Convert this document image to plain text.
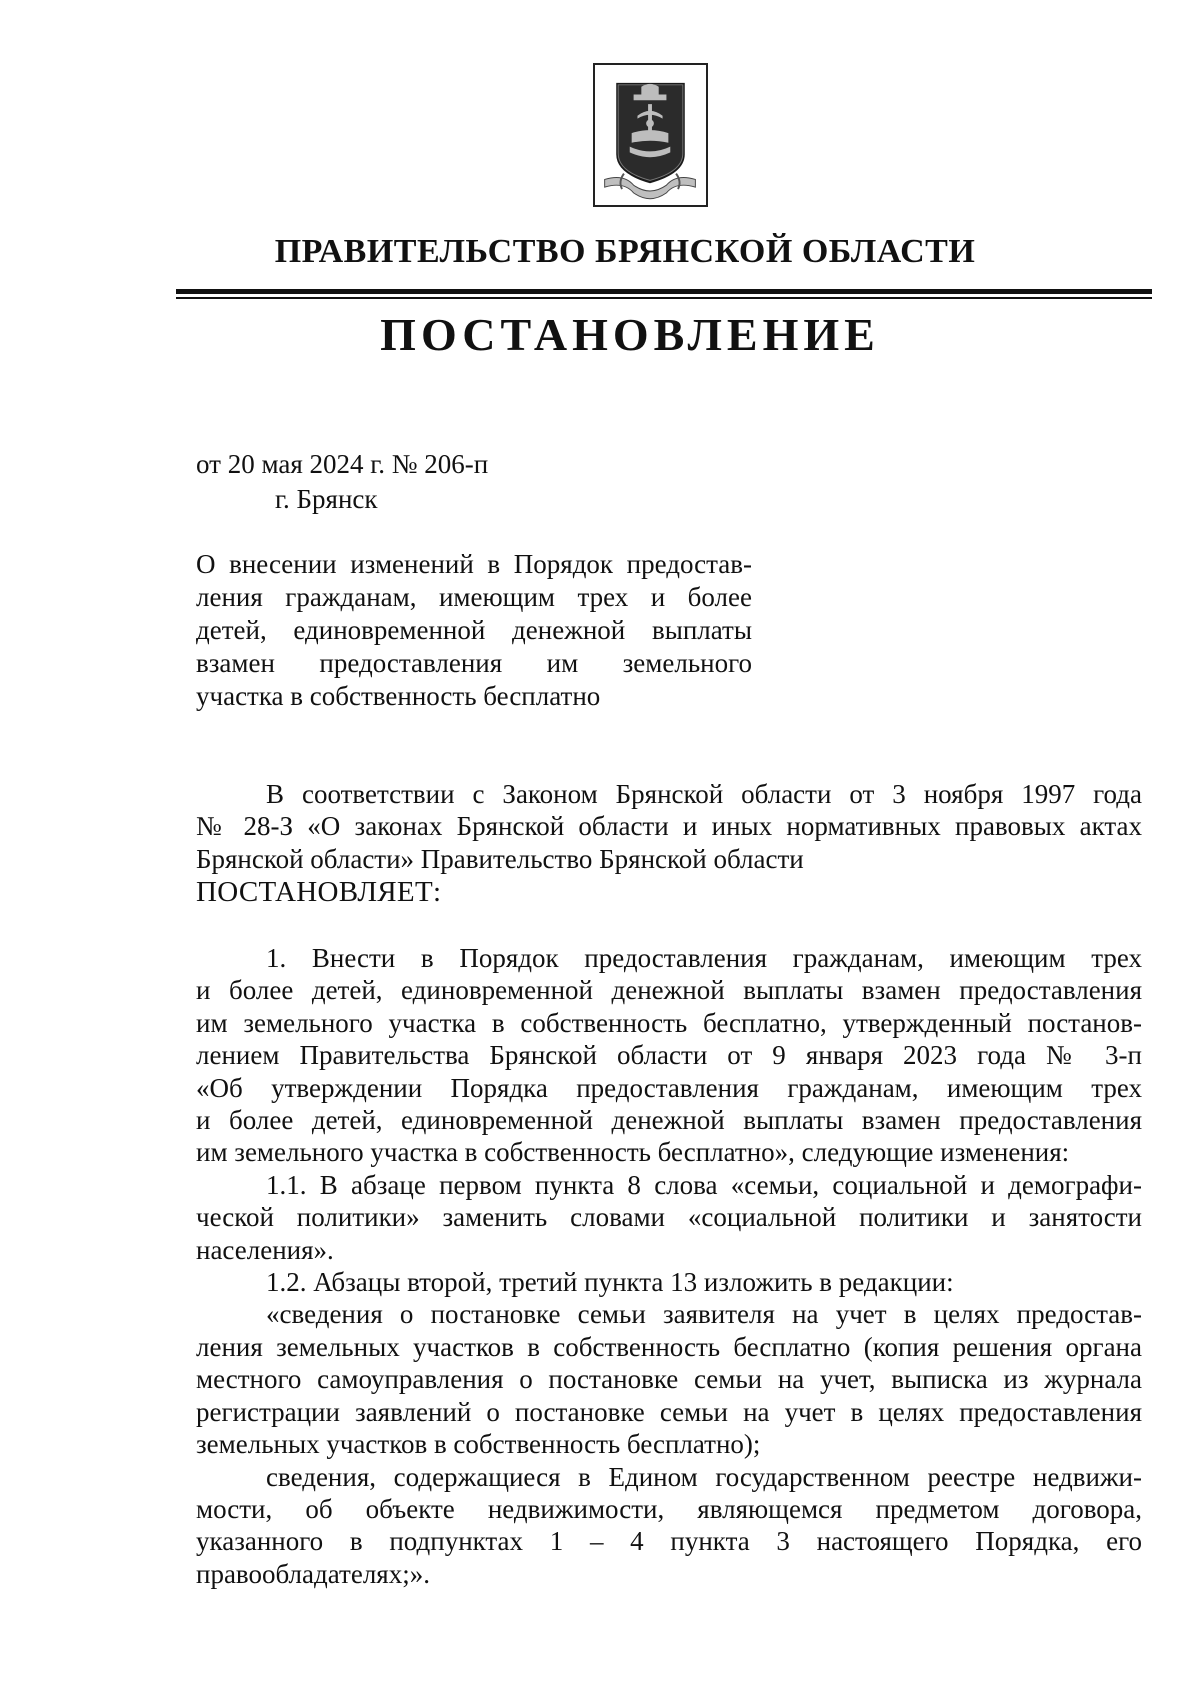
ПРАВИТЕЛЬСТВО БРЯНСКОЙ ОБЛАСТИ
ПОСТАНОВЛЕНИЕ
от 20 мая 2024 г. № 206-п
г. Брянск
О внесении изменений в Порядок предостав-
ления гражданам, имеющим трех и более
детей, единовременной денежной выплаты
взамен предоставления им земельного
участка в собственность бесплатно
В соответствии с Законом Брянской области от 3 ноября 1997 года
№ 28-З «О законах Брянской области и иных нормативных правовых актах
Брянской области» Правительство Брянской области
ПОСТАНОВЛЯЕТ:
1. Внести в Порядок предоставления гражданам, имеющим трех
и более детей, единовременной денежной выплаты взамен предоставления
им земельного участка в собственность бесплатно, утвержденный постанов-
лением Правительства Брянской области от 9 января 2023 года № 3-п
«Об утверждении Порядка предоставления гражданам, имеющим трех
и более детей, единовременной денежной выплаты взамен предоставления
им земельного участка в собственность бесплатно», следующие изменения:
1.1. В абзаце первом пункта 8 слова «семьи, социальной и демографи-
ческой политики» заменить словами «социальной политики и занятости
населения».
1.2. Абзацы второй, третий пункта 13 изложить в редакции:
«сведения о постановке семьи заявителя на учет в целях предостав-
ления земельных участков в собственность бесплатно (копия решения органа
местного самоуправления о постановке семьи на учет, выписка из журнала
регистрации заявлений о постановке семьи на учет в целях предоставления
земельных участков в собственность бесплатно);
сведения, содержащиеся в Едином государственном реестре недвижи-
мости, об объекте недвижимости, являющемся предметом договора,
указанного в подпунктах 1 – 4 пункта 3 настоящего Порядка, его
правообладателях;».
